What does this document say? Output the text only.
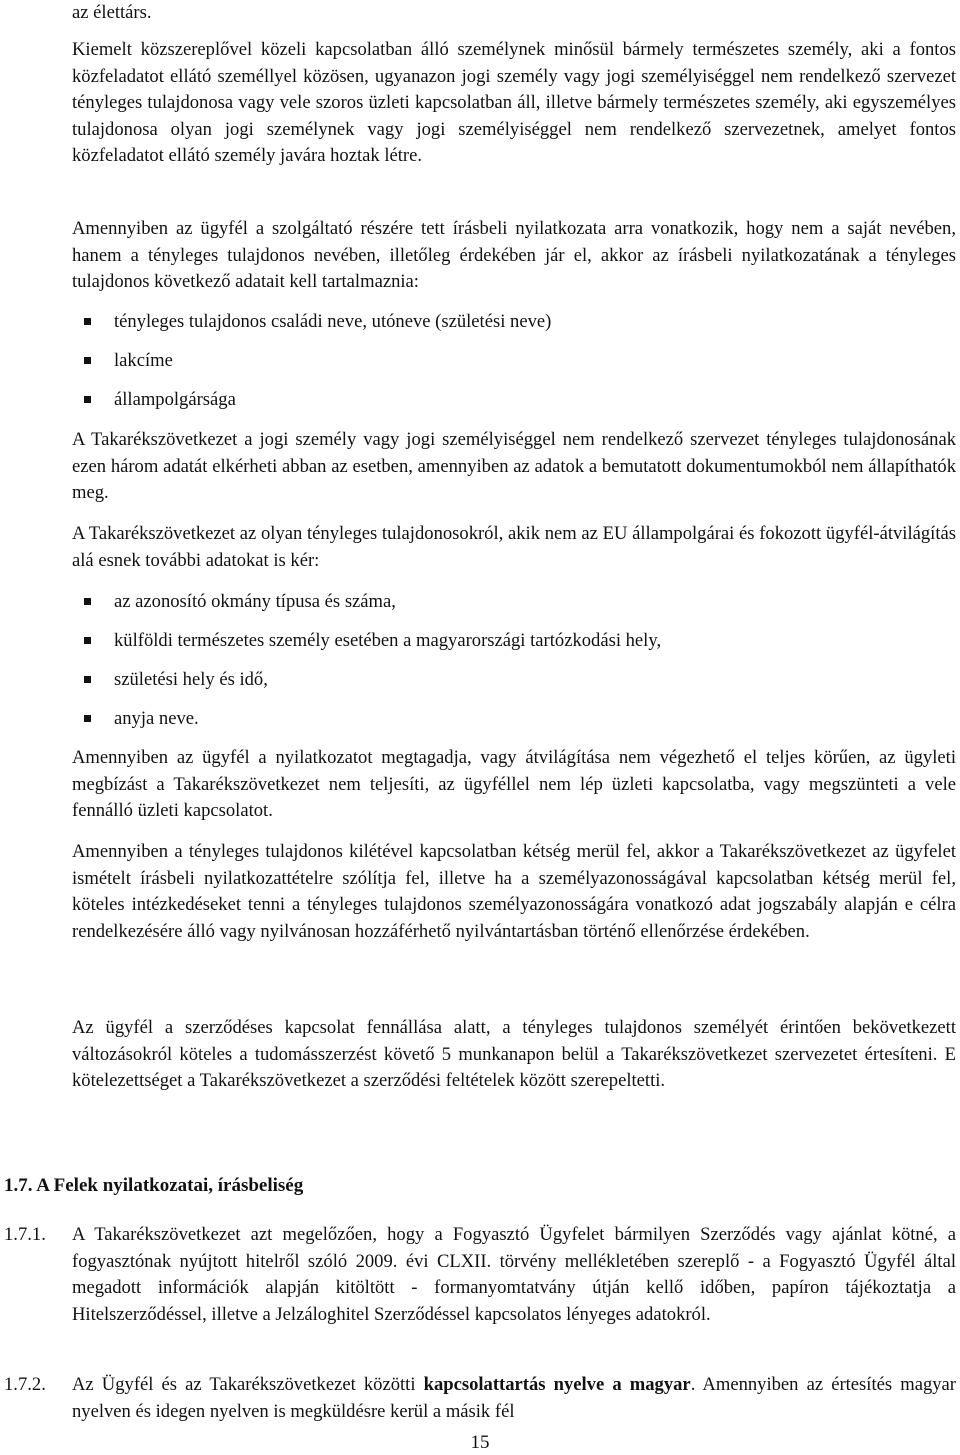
az élettárs.

Kiemelt közszereplővel közeli kapcsolatban álló személynek minősül bármely természetes személy, aki a fontos közfeladatot ellátó személlyel közösen, ugyanazon jogi személy vagy jogi személyiséggel nem rendelkező szervezet tényleges tulajdonosa vagy vele szoros üzleti kapcsolatban áll, illetve bármely természetes személy, aki egyszemélyes tulajdonosa olyan jogi személynek vagy jogi személyiséggel nem rendelkező szervezetnek, amelyet fontos közfeladatot ellátó személy javára hoztak létre.

Amennyiben az ügyfél a szolgáltató részére tett írásbeli nyilatkozata arra vonatkozik, hogy nem a saját nevében, hanem a tényleges tulajdonos nevében, illetőleg érdekében jár el, akkor az írásbeli nyilatkozatának a tényleges tulajdonos következő adatait kell tartalmaznia:

tényleges tulajdonos családi neve, utóneve (születési neve)
lakcíme
állampolgársága

A Takarékszövetkezet a jogi személy vagy jogi személyiséggel nem rendelkező szervezet tényleges tulajdonosának ezen három adatát elkérheti abban az esetben, amennyiben az adatok a bemutatott dokumentumokból nem állapíthatók meg.

A Takarékszövetkezet az olyan tényleges tulajdonosokról, akik nem az EU állampolgárai és fokozott ügyfél-átvilágítás alá esnek további adatokat is kér:

az azonosító okmány típusa és száma,
külföldi természetes személy esetében a magyarországi tartózkodási hely,
születési hely és idő,
anyja neve.

Amennyiben az ügyfél a nyilatkozatot megtagadja, vagy átvilágítása nem végezhető el teljes körűen, az ügyleti megbízást a Takarékszövetkezet nem teljesíti, az ügyféllel nem lép üzleti kapcsolatba, vagy megszünteti a vele fennálló üzleti kapcsolatot.

Amennyiben a tényleges tulajdonos kilétével kapcsolatban kétség merül fel, akkor a Takarékszövetkezet az ügyfelet ismételt írásbeli nyilatkozattételre szólítja fel, illetve ha a személyazonosságával kapcsolatban kétség merül fel, köteles intézkedéseket tenni a tényleges tulajdonos személyazonosságára vonatkozó adat jogszabály alapján e célra rendelkezésére álló vagy nyilvánosan hozzáférhető nyilvántartásban történő ellenőrzése érdekében.

Az ügyfél a szerződéses kapcsolat fennállása alatt, a tényleges tulajdonos személyét érintően bekövetkezett változásokról köteles a tudomásszerzést követő 5 munkanapon belül a Takarékszövetkezet szervezetet értesíteni. E kötelezettséget a Takarékszövetkezet a szerződési feltételek között szerepeltetti.

1.7. A Felek nyilatkozatai, írásbeliség
1.7.1. A Takarékszövetkezet azt megelőzően, hogy a Fogyasztó Ügyfelet bármilyen Szerződés vagy ajánlat kötné, a fogyasztónak nyújtott hitelről szóló 2009. évi CLXII. törvény mellékletében szereplő - a Fogyasztó Ügyfél által megadott információk alapján kitöltött - formanyomtatvány útján kellő időben, papíron tájékoztatja a Hitelszerződéssel, illetve a Jelzáloghitel Szerződéssel kapcsolatos lényeges adatokról.

1.7.2. Az Ügyfél és az Takarékszövetkezet közötti kapcsolattartás nyelve a magyar. Amennyiben az értesítés magyar nyelven és idegen nyelven is megküldésre kerül a másik fél

15
